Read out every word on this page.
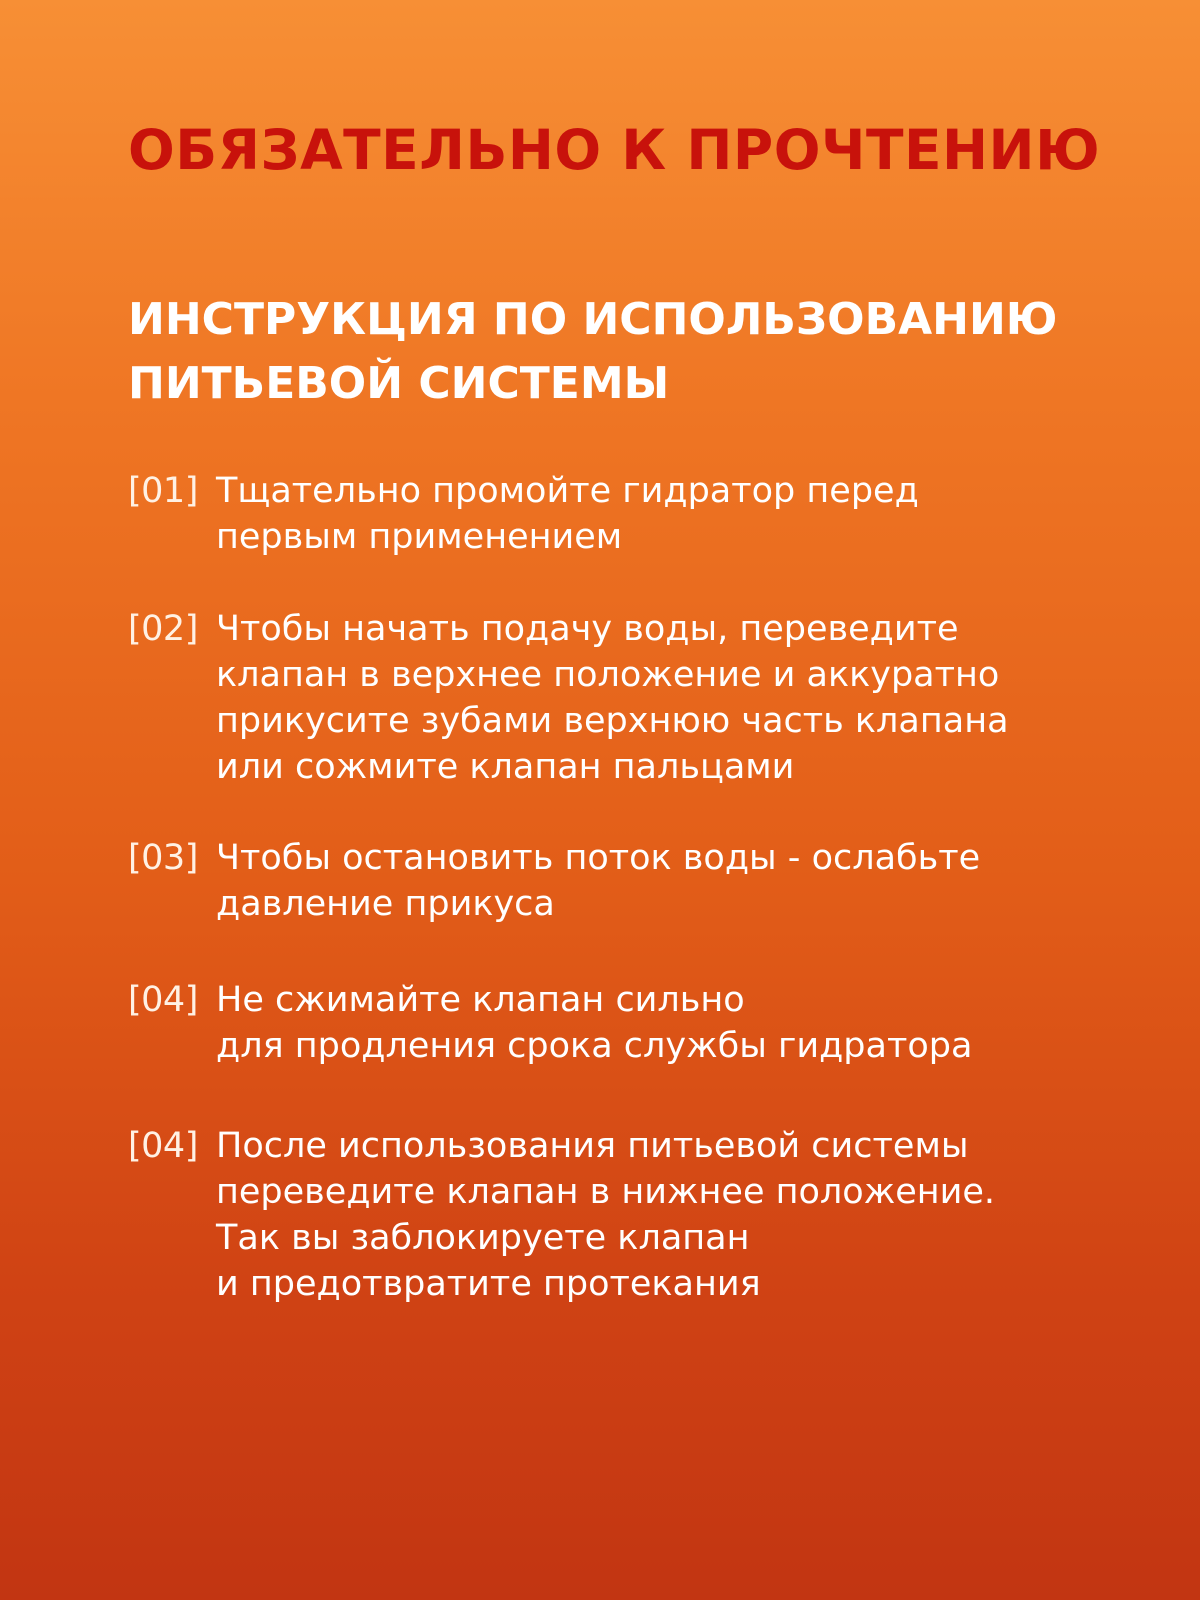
ОБЯЗАТЕЛЬНО К ПРОЧТЕНИЮ
ИНСТРУКЦИЯ ПО ИСПОЛЬЗОВАНИЮ
ПИТЬЕВОЙ СИСТЕМЫ
[01] Тщательно промойте гидратор перед
первым применением
[02] Чтобы начать подачу воды, переведите
клапан в верхнее положение и аккуратно
прикусите зубами верхнюю часть клапана
или сожмите клапан пальцами
[03] Чтобы остановить поток воды - ослабьте
давление прикуса
[04] Не сжимайте клапан сильно
для продления срока службы гидратора
[04] После использования питьевой системы
переведите клапан в нижнее положение.
Так вы заблокируете клапан
и предотвратите протекания
